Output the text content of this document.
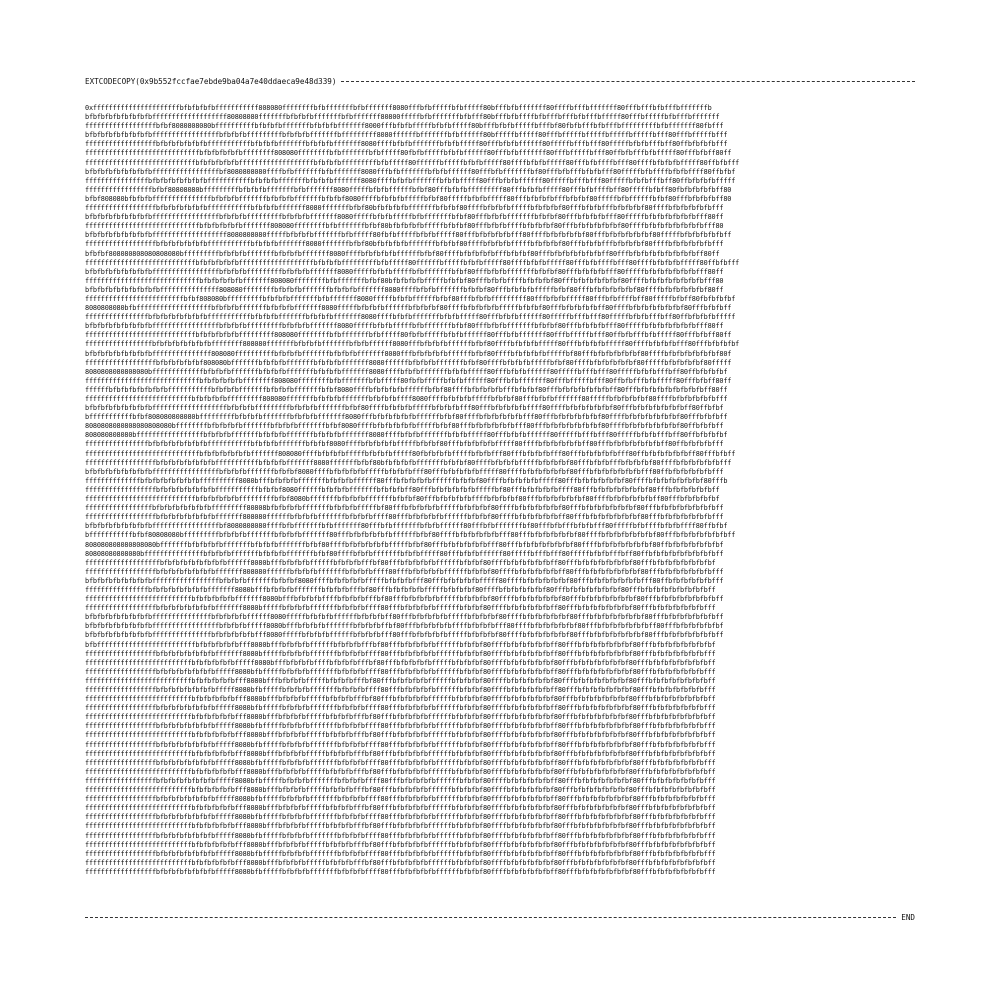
EXTCODECOPY(0x9b552fccfae7ebde9ba04a7e40ddaeca9e48d339)
0xffffffffffffffffffffffbfbfbfbfbfffffffffff808080ffffffffbfbfffffffbfbfffffff8080fffbfbfffffbfbfffff80bfffbfbfffffff80ffffbfffbfffffff80fffbfffbfbfffbfffffffb
bfbfbfbfbfbfbfbfbfffffffffffffffffff80808080fffffffbfbfbfbfffffffbfbfffffff80800fffffbfbfffffffbfbfff80bfffbfbffffbfbfffbfffbfbfffbfffff80fffbfffffbfbfffbfffffff
ffffffffffffffffffbfbf8080808080bffffffffffbfbfbfbfffffffbfbfbfbfffffff8000fffbfbfbfffffbfbfbfffff80bfffbfbfbfffffbfffbf80fbfbfffbfbfffbfffffffffbfbfffffff80fbfff
bfbfbfbfbfbfbfbfbfffffffffffffffffbfbfbfbfffffffffbfbfbfbfffffffbfffffffff8080ffffffbfffffffbfbffffff80bfffffbfffff80fffbfffffbfffffbfffffbfffffbfff80fffbfffffbfff
ffffffffffffffffffbfbfbfbfbfbfbfffffffffffbfbfbfbfffffffbfbfbfbfffffff8080ffffbfbfbfffffffbfbfbfffff80fffbfbfbffffff80fffffbfffbfff80fffffbfbfbfffbff80ffbfbfbfbfff
fffffffffffffffffffffffffffffbfbfbfbfbfbffffffff808080ffffffffbfbfffffffbfbfffff80fbfbfffffbfbfbffffff80fffbfbfffffff80fffbfffffbfff80ffbfbfffbfbfffff80fffbfbff80ff
ffffffffffffffffffffffffffffbfbfbfbfbfbfffffffffffffffffffbfbfbfbfffffffffbfbfffff80ffffffbfffffbfbfbfffff80ffffbfbfbfffff80fffbfbffffbfff80ffffbfbfbfbfffff80ffbfbfff
bfbfbfbfbfbfbfbfbfffffffffffffffffbf8080808080ffffbfbfffffffbfbfffffff8080fffbfbfffffffbfbfbffffff80fffbfbfffffffbf80fffbfbfffbfbfbfff80fffffbfbffffbfbfbffff80ffbfbf
ffffffffffffffffbfbfbfbfbfbfbfbfffffffffffbfbfbfbfffffffbfbfbfbfffffff8080ffffbfbfbfffffffbfbfbfffff80fffbfbfbffffff80fffffbfffbfff80fffffbfbfbfffbff80ffbfbfbfbfffff
fffffffffffffffffbfbf80808080bfffffffffbfbfbfbfffffffbfbfffffff8080fffffbfbfbffffffbfbf80fffbfbfbfffffffff80fffbfbfbfffff80fffbfbffffbff80fffffbfbff80fbfbfbfbfbff80
bfbf808080bfbfbfbfffffffffffffffbfbfbfbfffffffbfbfbfbfffffffbfbfbf8080ffffbfbfbfbfffffbfbf80fffffbfbfbfffff80fffbfbfbfbfffbfbfbf80fffffbfbffffffbfbf80fffbfbfbfbff80
ffffffffffffffffffbfbfbfbfbfbfbfffffffffffbfbfbfbfffffff8080fffffffbfbf80bfbfbfbfbfffffffbfbfbf80ffffbfbfbfbfffffbfbfbfbf80fffbfbfbfffbfbfbfbf80ffffbfbfbfbfbfbfff
bfbfbfbfbfbfbfbfbfffffffffffffffffbfbfbfbfffffffffbfbfbfbfffffff8080fffffbfbfbfffffbfbfffffffbfbf80fffbfbfbfffffffbfbfbf80fffbfbfbfbfff80fffffbfbfbfbfbfbfbfff80ff
fffffffffffffffffffffffffffffbfbfbfbfbfbfffffff808080ffffffffbfbfffffffbfbf80bfbfbfbfbfffffbfbfbf80fffbfbfbffffbfbfbfbf80fffbfbfbfbfbfbf80ffffbfbfbfbfbfbfbfbfff80
bfbfbfbfbfbfbfbfbfffffffffffffffffff8080808080fffffbfbfbfbfffffffbfbfffff80fbfbfffffbfbfbfffff80fffbfbfbfbfbfff80ffffbfbfbfbfbf80fffbfbfbfbfbfbf80fffffbfbfbfbfbfbff
ffffffffffffffffffbfbfbfbfbfbfbfffffffffffbfbfbfbfffffff8080fffffffbfbf80bfbfbfbfbfffffffbfbfbf80ffffbfbfbfbfffffbfbfbfbf80fffbfbfbfffbfbfbfbf80ffffbfbfbfbfbfbfff
bfbfbf808080808080808080bfffffffffbfbfbfbfffffffbfbfbfbfffffff8080ffffbfbfbfbfbffffffbfbf80ffffbfbfbfbfbfffbfbfbf80fffbfbfbfbfbfbfbff80fffbfbfbfbfbfbfbfbfbff80ff
ffffffffffffffffffffffffffffbfbfbfbfbfbfffffffffffffffffffbfbfbfbfffffffffbfbfffff80ffffffbfffffbfbfbfffff80ffffbfbfbfffff80fffbfbffffbfff80ffffbfbfbfbfffff80ffbfbfff
bfbfbfbfbfbfbfbfbfffffffffffffffffbfbfbfbfffffffffbfbfbfbfffffff8080fffffbfbfbfffffbfbfffffffbfbf80fffbfbfbfffffffbfbfbf80fffbfbfbfbfff80fffffbfbfbfbfbfbfbfff80ff
fffffffffffffffffffffffffffffbfbfbfbfbfbfffffff808080ffffffffbfbfffffffbfbf80bfbfbfbfbfffffbfbfbf80fffbfbfbffffbfbfbfbf80fffbfbfbfbfbfbf80ffffbfbfbfbfbfbfbfbfff80
bfbfbfbfbfbfbfbfbfbfffffffffffffff808080ffffffffbfbfbfbfffffffbfbfbfbfffffff8080ffffbfbfbfffffffbfbfbf80fffbfbfbfbfffffbfbf80fffbfbfbfbfbfbf80ffffbfbfbfbfbfbf80ff
fffffffffffffffffffffffffbfbf808080bfffffffffbfbfbfbfffffffbfbfffffff8080fffffbfbfbffffffbfbf80fffbfbfbfffffffff80fffbfbfbfffff80fffbfbffffbff80fffffbfbff80fbfbfbfbf
8080808080bfbfffffffffffffffffffbfbfbfbfffffffbfbfbfbfffffff8080fffffbfbfbfbffffffbfbfbfbf80ffffbfbfbfbfbfffffbfbfbf80fffbfbfbfbfbff80ffffbfbfbfbfbfbfbf80fffbfbfbff
ffffffffffffffffbfbfbfbfbfbfbfbfffffffffffbfbfbfbfffffffbfbfbfbfffffff8080ffffbfbfbfffffffbfbfbfffff80fffbfbfbffffff80fffffbfffbfff80fffffbfbfbfffbff80ffbfbfbfbfffff
bfbfbfbfbfbfbfbfbfffffffffffffffffbfbfbfbfffffffffbfbfbfbfffffff8080fffffbfbfbfffffbfbfffffffbfbf80fffbfbfbfffffffbfbfbf80fffbfbfbfbfff80fffffbfbfbfbfbfbfbfff80ff
ffffffffffffffffffffffffffffbfbfbfbfbfbfffffffff808080ffffffffbfbfffffffbfbfffff80fbfbfffffbfbfbffffff80fffbfbfffffff80fffbfffffbfff80ffbfbfffbfbfffff80fffbfbff80ff
fffffffffffffffffbfbfbfbfbfbfbfbffffffff808080fffffffbfbfbfbfffffffbfbfbffffff8080fffbfbfbfbffffffbfbf80ffffbfbfbfbfffff80fffbfbfbfbfffff80ffffbfbfbfbfff80fffbfbfbfbf
bfbfbfbfbfbfbfbfbfffffffffffffff808080ffffffffffbfbfbfbfffffffbfbfbfbfffffff8080fffbfbfbfbfbffffffbfbf80ffffbfbfbfbfbfffffbf80fffbfbfbfbfbfbf80ffffbfbfbfbfbfbfbf80f
ffffffffffffffffffbfbfbfbfbfbf808080bfffffffbfbfbfbfffffffbfbfbfbfffffff8080ffffffbfbfbfbfffffffbfbf80ffffbfbfbfbfffffbfbf80ffffbfbfbfbfbfbf80fffffbfbfbfbfbf80fffff
8080808080808080bfffffffffffffbfbfbfbfffffffbfbfbfbfffffffbfbfbfbfffffff8080ffffbfbfbfffffffbfbfbfffff80fffbfbfbffffff80fffffbfffbfff80fffffbfbfbfffbff80ffbfbfbfbf
fffffffffffffffffffffffffffffbfbfbfbfbfbffffffff808080ffffffffbfbfffffffbfbfffff80fbfbfffffbfbfbffffff80fffbfbfffffff80fffbfffffbfff80ffbfbfffbfbfffff80fffbfbff80ff
ffffffbfbfbfbfbfbfbfbfffffffffffbfbfbfbfffffffbfbfbfbfffffffbfbf8080ffffbfbfbfbfbffffffbfbf80ffffbfbfbfbfbfffbfbfbf80fffbfbfbfbfbfbfbff80fffbfbfbfbfbfbfbfbfbff80ff
fffffffffffffffffffffffffffbfbfbfbfbfffffffff808080fffffffbfbfbfbfffffffbfbfbfbffff8080ffffbfbfbfbfffffbfbfbf80fffbfbfbfffffff80fffffbfbfbfbfbf80ffffbfbfbfbfbfbfff
bfbfbfbfbfbfbfbfbfffffffffffffffffffbfbfbfbfffffffffbfbfbfbfffffffbfbf80ffffbfbfbfbfffffbfbfbfbfff80fffbfbfbfbfbffff80ffffbfbfbfbfbfbf80fffbfbfbfbfbfbfbff80ffbfbf
bfffffffffffbfbf808080808080bfffffffffbfbfbfbfffffffbfbfbfbfffffff8080fffbfbfbfbfbfbffffffbfbf80ffffbfbfbfbfbfbfff80fffbfbfbfbfbfbf80ffffbfbfbfbfbfbfbf80fffbfbfbff
8080808080808080808080bffffffffbfbfbfbfbfffffffbfbfbfbfffffffbfbf8080ffffbfbfbfbfbfbfffffbfbf80fffbfbfbfbfbfbfff80fffbfbfbfbfbfbfbf80ffffbfbfbfbfbfbfbf80ffbfbfbff
808080808080bfffffffffffffffffbfbfbfbfffffffbfbfbfbfffffffbfbfbfbfffffff8080ffffbfbfbfffffffbfbfbfffff80fffbfbfbffffff80fffffbfffbfff80fffffbfbfbfffbff80ffbfbfbfbf
ffffffffffffffffbfbfbfbfbfbfbfbfffffffffffbfbfbfbfffffffbfbfbf8080ffffbfbfbfbfbfffffbfbfbf80fffbfbfbfbfbfffff80ffffbfbfbfbfbfbff80fffbfbfbfbfbfbfbff80ffbfbfbfbfff
fffffffffffffffffffffffffffffbfbfbfbfbfbfbfffffff808080ffffbfbfbfbfffffbfbfbfbfffff80fbfbfbfbfffffbfbfbfff80fffbfbfbfbfff80fffbfbfbfbfbfff80ffbfbfbfbfbfbff80fffbfbff
ffffffffffffffffffbfbfbfbfbfbfbfbfffffffffffbfbfbfbfffffff8080fffffffbfbf80bfbfbfbfbfffffffbfbfbf80ffffbfbfbfbfffffbfbfbfbf80fffbfbfbfffbfbfbfbf80ffffbfbfbfbfbfbfff
bfbfbfbfbfbfbfbfbfffffffffffffffffbfbfbfbfffffffbfbfbf8080ffffbfbfbfbfbfffffbfbfbfbfff80fffbfbfbfbfbfffff80ffffbfbfbfbfbfbf80fffbfbfbfbfbfbfbfff80ffbfbfbfbfbfbfff
ffffffffffffffbfbfbfbfbfbfbfbffffffffff8080bfffbfbfbfbfffffffbfbfbfbffffff80fffbfbfbfbfbffffffbfbfbf80ffffbfbfbfbfbfffff80fffbfbfbfbfbfbf80ffffbfbfbfbfbfbfbf80fffb
ffffffffffffffffffbfbfbfbfbfbfbfbfffffffffffbfbfbf8080ffffffbfbfbfbfffffffbfbfbfbff80fffbfbfbfbfbfbfffffbf80fffbfbfbfbfbffff80fffbfbfbfbfbfbfbf80fffbfbfbfbfbfbff
ffffffffffffffffffffffffffffbfbfbfbfbfbfffffffffbfbf8080bfffffffbfbfbfbfffffffbfbfbf80fffbfbfbfbfbffffbfbfbfbf80fffbfbfbfbfbfbf80ffffbfbfbfbfbfbff80fffbfbfbfbfbf
fffffffffffffffffbfbfbfbfbfbfbfbfffffffff80808bfbfbfbfbfffffffbfbfbfbfffffbf80fffbfbfbfbfbfffffbfbfbfbf80ffffbfbfbfbfbfbf80fffbfbfbfbfbfbfbf80fffbfbfbfbfbfbfbfbff
ffffffffffffffffffbfbfbfbfbfbfbfbfffffff808080ffffffbfbfbfbfffffffbfbfbfbffff80fffbfbfbfbfbffffffbfbfbf80ffffbfbfbfbfbfbff80fffbfbfbfbfbfbfbf80fffbfbfbfbfbfbfbfff
bfbfbfbfbfbfbfbfbfffffffffffffffffbf8080808080ffffbfbfffffffbfbfffffff80fffbfbfffffffbfbfbffffff80fffbfbfffffffbf80fffbfbfffbfbfbfff80fffffbfbffffbfbfbffff80ffbfbf
bfffffffffffbfbf80808080bfffffffffbfbfbfbfffffffbfbfbfbfffffff80fffbfbfbfbfbfbffffffbfbf80ffffbfbfbfbfbfbfff80fffbfbfbfbfbfbf80ffffbfbfbfbfbfbfbf80fffbfbfbfbfbfbfbff
808080808080808080bfffffffbfbfbfbfbfffffffbfbfbfbfffffffbfbf80ffffbfbfbfbfbfbfffffbfbf80fffbfbfbfbfbfbfff80fffbfbfbfbfbfbfbf80ffffbfbfbfbfbfbfbf80ffbfbfbfbfbfbfbf
80808080808080bfffffffffffffffbfbfbfbfffffffbfbfbfbfffffffbfbf80ffffbfbfbfffffffbfbfbfffff80fffbfbfbffffff80fffffbfffbfff80fffffbfbfbfffbff80ffbfbfbfbfbfbfbfbfbff
fffffffffffffffffffbfbfbfbfbfbfbfbfbffffff8080bfffbfbfbfbffffffbfbfbfbfffbf80fffbfbfbfbfbffffffbfbfbf80ffffbfbfbfbfbfbff80fffbfbfbfbfbfbfbf80fffbfbfbfbfbfbfbfbf
ffffffffffffffffffbfbfbfbfbfbfbfbfffffff808080ffffffbfbfbfbfffffffbfbfbfbffff80fffbfbfbfbfbffffffbfbfbf80ffffbfbfbfbfbfbff80fffbfbfbfbfbfbfbf80fffbfbfbfbfbfbfbfff
bfbfbfbfbfbfbfbfbfffffffffffffffffbfbfbfbfffffffbfbfbf8080ffffbfbfbfbfbfffffbfbfbfbfff80fffbfbfbfbfbfffff80ffffbfbfbfbfbfbf80fffbfbfbfbfbfbfbfff80ffbfbfbfbfbfbfff
ffffffffffffffffbfbfbfbfbfbfbfbfffffff8080bfffbfbfbfbfffffffbfbfbfbfffbf80fffbfbfbfbfbfffffbfbfbfbf80ffffbfbfbfbfbfbf80fffbfbfbfbfbfbfbf80fffbfbfbfbfbfbfbfbfbff
fffffffffffffffffffffffffffbfbfbfbfbfbfffffff8080bfffbfbfbfbffffbfbfbfbfffbf80fffbfbfbfbfbfffffbfbfbfbf80ffffbfbfbfbfbfbf80fffbfbfbfbfbfbfbf80fffbfbfbfbfbfbfbfbff
ffffffffffffffffffbfbfbfbfbfbfbfbfffffff8080bfffffbfbfbfbfffffffbfbfbfbffff80fffbfbfbfbfbffffffbfbfbf80ffffbfbfbfbfbfbff80fffbfbfbfbfbfbfbf80fffbfbfbfbfbfbfbfff
bfbfbfbfbfbfbfbfbfffffffffffffffbfbfbfbfbffffff8080fffffbfbfbfbffffffbfbfbfbff80fffbfbfbfbfbfffffbfbfbfbf80ffffbfbfbfbfbfbf80fffbfbfbfbfbfbfbf80fffbfbfbfbfbfbfbff
bfbfbfbfbfbfbfbfbfffffffffffffffffbfbfbfbfffff8080bfffbfbfbfbfffffffbfbfbfbffbf80fffbfbfbfbfbffffbfbfbfbfff80ffffbfbfbfbfbfbf80fffbfbfbfbfbfbfbff80fffbfbfbfbfbfbf
bfbfbfbfbfbfbfbfbfffffffffffffffbfbfbfbfbfbfff8080fffffbfbfbfbffffffbfbfbfbfff80fffbfbfbfbfbfffffbfbfbfbf80ffffbfbfbfbfbfbf80fffbfbfbfbfbfbfbf80fffbfbfbfbfbfbfbff
bfbfffffffffffffffffffffffffbfbfbfbfbfbfff8080bfffbfbfbfbffffffbfbfbfbfffbf80fffbfbfbfbfbffffffbfbfbf80ffffbfbfbfbfbfbff80fffbfbfbfbfbfbfbf80fffbfbfbfbfbfbfbfbf
ffffffffffffffffffbfbfbfbfbfbfbfbfffffff8080bfffffbfbfbfbfffffffbfbfbfbffff80fffbfbfbfbfbffffffbfbfbf80ffffbfbfbfbfbfbff80fffbfbfbfbfbfbfbf80fffbfbfbfbfbfbfbfff
fffffffffffffffffffffffffffbfbfbfbfbfbfffff8080bfffbfbfbfbffffbfbfbfbfffbf80fffbfbfbfbfbfffffbfbfbfbf80ffffbfbfbfbfbfbf80fffbfbfbfbfbfbfbf80fffbfbfbfbfbfbfbfbff
ffffffffffffffffffbfbfbfbfbfbfbfbfffff8080bfbfffffbfbfbfbfffffffbfbfbfbffff80fffbfbfbfbfbffffffbfbfbf80ffffbfbfbfbfbfbff80fffbfbfbfbfbfbfbf80fffbfbfbfbfbfbfbfff
fffffffffffffffffffffffffffbfbfbfbfbfbfff8080bfffbfbfbfbfffffbfbfbfbfffbf80fffbfbfbfbfbffffffbfbfbfbf80ffffbfbfbfbfbfbf80fffbfbfbfbfbfbfbf80fffbfbfbfbfbfbfbfbff
ffffffffffffffffffbfbfbfbfbfbfbfbfffff8080bfbfffffbfbfbfbfffffffbfbfbfbffff80fffbfbfbfbfbffffffbfbfbf80ffffbfbfbfbfbfbff80fffbfbfbfbfbfbfbf80fffbfbfbfbfbfbfbfff
fffffffffffffffffffffffffffbfbfbfbfbfbfff8080bfffbfbfbfbfffffbfbfbfbfffbf80fffbfbfbfbfbffffffbfbfbfbf80ffffbfbfbfbfbfbf80fffbfbfbfbfbfbfbf80fffbfbfbfbfbfbfbfbff
ffffffffffffffffffbfbfbfbfbfbfbfbfffff8080bfbfffffbfbfbfbfffffffbfbfbfbffff80fffbfbfbfbfbffffffbfbfbf80ffffbfbfbfbfbfbff80fffbfbfbfbfbfbfbf80fffbfbfbfbfbfbfbfff
fffffffffffffffffffffffffffbfbfbfbfbfbfff8080bfffbfbfbfbfffffbfbfbfbfffbf80fffbfbfbfbfbffffffbfbfbfbf80ffffbfbfbfbfbfbf80fffbfbfbfbfbfbfbf80fffbfbfbfbfbfbfbfbff
ffffffffffffffffffbfbfbfbfbfbfbfbfffff8080bfbfffffbfbfbfbfffffffbfbfbfbffff80fffbfbfbfbfbffffffbfbfbf80ffffbfbfbfbfbfbff80fffbfbfbfbfbfbfbf80fffbfbfbfbfbfbfbfff
fffffffffffffffffffffffffffbfbfbfbfbfbfff8080bfffbfbfbfbfffffbfbfbfbfffbf80fffbfbfbfbfbffffffbfbfbfbf80ffffbfbfbfbfbfbf80fffbfbfbfbfbfbfbf80fffbfbfbfbfbfbfbfbff
ffffffffffffffffffbfbfbfbfbfbfbfbfffff8080bfbfffffbfbfbfbfffffffbfbfbfbffff80fffbfbfbfbfbffffffbfbfbf80ffffbfbfbfbfbfbff80fffbfbfbfbfbfbfbf80fffbfbfbfbfbfbfbfff
fffffffffffffffffffffffffffbfbfbfbfbfbfff8080bfffbfbfbfbfffffbfbfbfbfffbf80fffbfbfbfbfbffffffbfbfbfbf80ffffbfbfbfbfbfbf80fffbfbfbfbfbfbfbf80fffbfbfbfbfbfbfbfbff
ffffffffffffffffffbfbfbfbfbfbfbfbfffff8080bfbfffffbfbfbfbfffffffbfbfbfbffff80fffbfbfbfbfbffffffbfbfbf80ffffbfbfbfbfbfbff80fffbfbfbfbfbfbfbf80fffbfbfbfbfbfbfbfff
fffffffffffffffffffffffffffbfbfbfbfbfbfff8080bfffbfbfbfbfffffbfbfbfbfffbf80fffbfbfbfbfbffffffbfbfbfbf80ffffbfbfbfbfbfbf80fffbfbfbfbfbfbfbf80fffbfbfbfbfbfbfbfbff
ffffffffffffffffffbfbfbfbfbfbfbfbfffff8080bfbfffffbfbfbfbfffffffbfbfbfbffff80fffbfbfbfbfbffffffbfbfbf80ffffbfbfbfbfbfbff80fffbfbfbfbfbfbfbf80fffbfbfbfbfbfbfbfff
fffffffffffffffffffffffffffbfbfbfbfbfbfff8080bfffbfbfbfbfffffbfbfbfbfffbf80fffbfbfbfbfbffffffbfbfbfbf80ffffbfbfbfbfbfbf80fffbfbfbfbfbfbfbf80fffbfbfbfbfbfbfbfbff
ffffffffffffffffffbfbfbfbfbfbfbfbfffff8080bfbfffffbfbfbfbfffffffbfbfbfbffff80fffbfbfbfbfbffffffbfbfbf80ffffbfbfbfbfbfbff80fffbfbfbfbfbfbfbf80fffbfbfbfbfbfbfbfff
fffffffffffffffffffffffffffbfbfbfbfbfbfff8080bfffbfbfbfbfffffbfbfbfbfffbf80fffbfbfbfbfbffffffbfbfbfbf80ffffbfbfbfbfbfbf80fffbfbfbfbfbfbfbf80fffbfbfbfbfbfbfbfbff
ffffffffffffffffffbfbfbfbfbfbfbfbfffff8080bfbfffffbfbfbfbfffffffbfbfbfbffff80fffbfbfbfbfbffffffbfbfbf80ffffbfbfbfbfbfbff80fffbfbfbfbfbfbfbf80fffbfbfbfbfbfbfbfff
fffffffffffffffffffffffffffbfbfbfbfbfbfff8080bfffbfbfbfbfffffbfbfbfbfffbf80fffbfbfbfbfbffffffbfbfbfbf80ffffbfbfbfbfbfbf80fffbfbfbfbfbfbfbf80fffbfbfbfbfbfbfbfbff
ffffffffffffffffffbfbfbfbfbfbfbfbfffff8080bfbfffffbfbfbfbfffffffbfbfbfbffff80fffbfbfbfbfbffffffbfbfbf80ffffbfbfbfbfbfbff80fffbfbfbfbfbfbfbf80fffbfbfbfbfbfbfbfff
fffffffffffffffffffffffffffbfbfbfbfbfbfff8080bfffbfbfbfbfffffbfbfbfbfffbf80fffbfbfbfbfbffffffbfbfbfbf80ffffbfbfbfbfbfbf80fffbfbfbfbfbfbfbf80fffbfbfbfbfbfbfbfbff
ffffffffffffffffffbfbfbfbfbfbfbfbfffff8080bfbfffffbfbfbfbfffffffbfbfbfbffff80fffbfbfbfbfbffffffbfbfbf80ffffbfbfbfbfbfbff80fffbfbfbfbfbfbfbf80fffbfbfbfbfbfbfbfff
fffffffffffffffffffffffffffbfbfbfbfbfbfff8080bfffbfbfbfbfffffbfbfbfbfffbf80fffbfbfbfbfbffffffbfbfbfbf80ffffbfbfbfbfbfbf80fffbfbfbfbfbfbfbf80fffbfbfbfbfbfbfbfbff
ffffffffffffffffffbfbfbfbfbfbfbfbfffff8080bfbfffffbfbfbfbfffffffbfbfbfbffff80fffbfbfbfbfbffffffbfbfbf80ffffbfbfbfbfbfbff80fffbfbfbfbfbfbfbf80fffbfbfbfbfbfbfbfff
END
